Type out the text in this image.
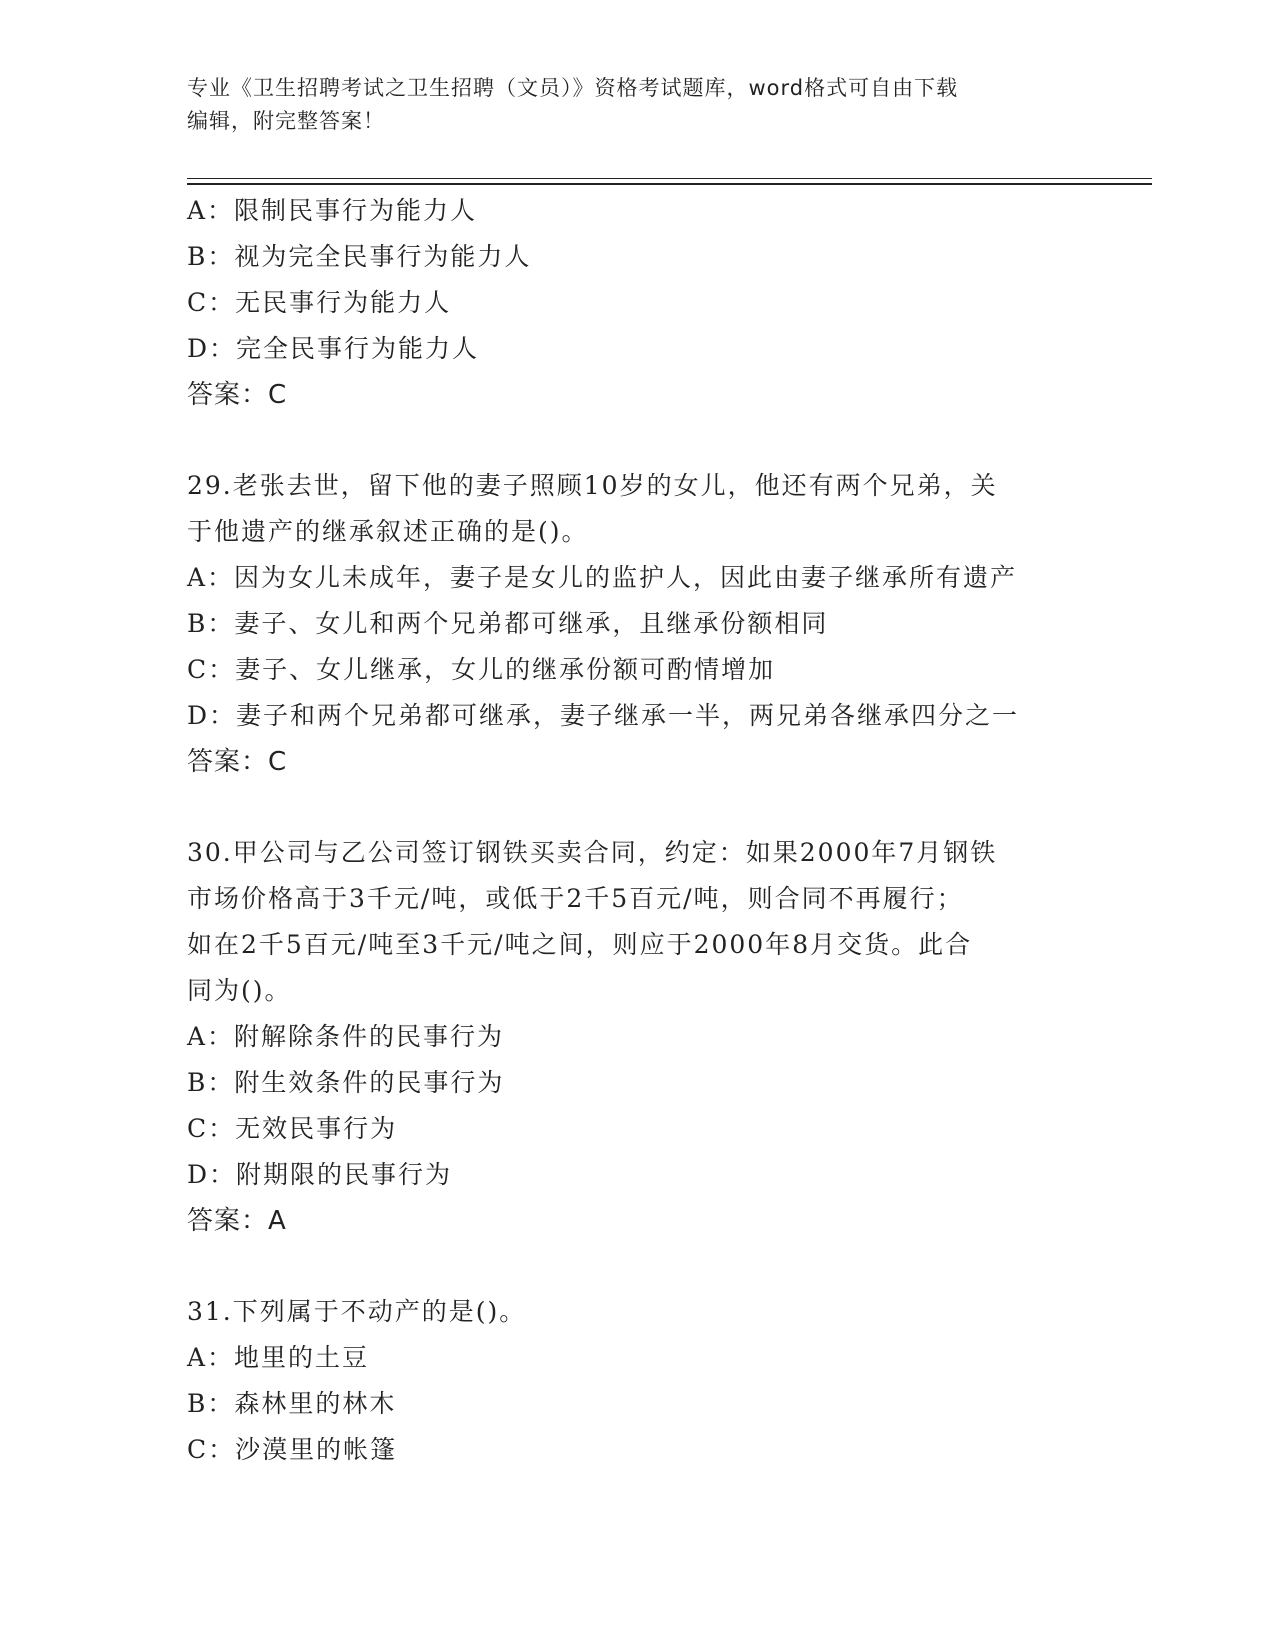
专业《卫生招聘考试之卫生招聘（文员）》资格考试题库，word格式可自由下载
编辑，附完整答案！
A：限制民事行为能力人
B：视为完全民事行为能力人
C：无民事行为能力人
D：完全民事行为能力人
答案：C
29.老张去世，留下他的妻子照顾10岁的女儿，他还有两个兄弟，关
于他遗产的继承叙述正确的是()。
A：因为女儿未成年，妻子是女儿的监护人，因此由妻子继承所有遗产
B：妻子、女儿和两个兄弟都可继承，且继承份额相同
C：妻子、女儿继承，女儿的继承份额可酌情增加
D：妻子和两个兄弟都可继承，妻子继承一半，两兄弟各继承四分之一
答案：C
30.甲公司与乙公司签订钢铁买卖合同，约定：如果2000年7月钢铁
市场价格高于3千元/吨，或低于2千5百元/吨，则合同不再履行；
如在2千5百元/吨至3千元/吨之间，则应于2000年8月交货。此合
同为()。
A：附解除条件的民事行为
B：附生效条件的民事行为
C：无效民事行为
D：附期限的民事行为
答案：A
31.下列属于不动产的是()。
A：地里的土豆
B：森林里的林木
C：沙漠里的帐篷
